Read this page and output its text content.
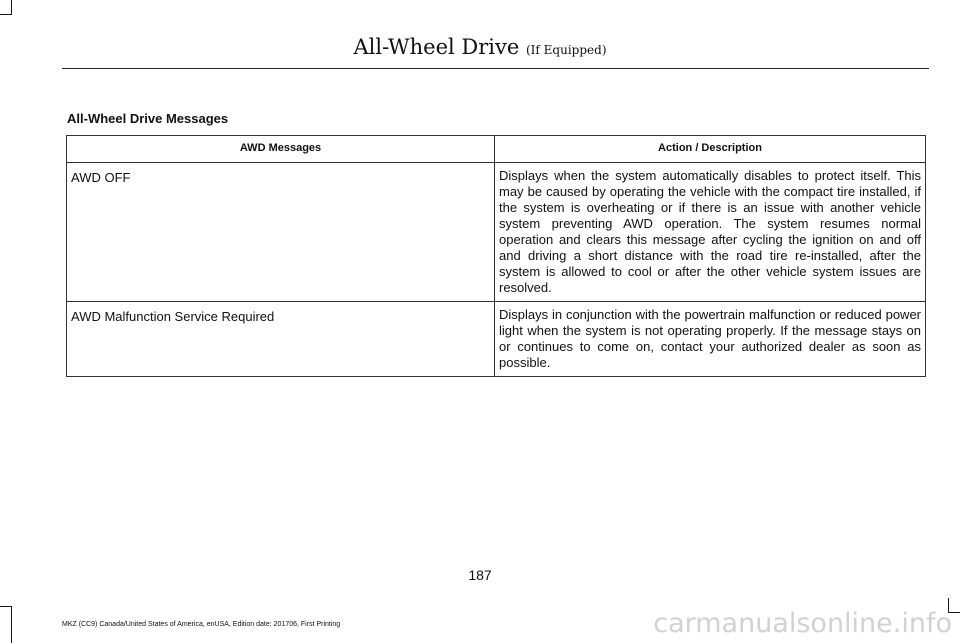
All-Wheel Drive (If Equipped)
All-Wheel Drive Messages
AWD Messages	Action / Description
AWD OFF	Displays when the system automatically disables to protect itself. This may be caused by operating the vehicle with the compact tire installed, if the system is overheating or if there is an issue with another vehicle system preventing AWD operation. The system resumes normal operation and clears this message after cycling the ignition on and off and driving a short distance with the road tire re-installed, after the system is allowed to cool or after the other vehicle system issues are resolved.
AWD Malfunction Service Required	Displays in conjunction with the powertrain malfunction or reduced power light when the system is not operating properly. If the message stays on or continues to come on, contact your authorized dealer as soon as possible.
187
MKZ (CC9) Canada/United States of America, enUSA, Edition date: 201706, First Printing	carmanualsonline.info
